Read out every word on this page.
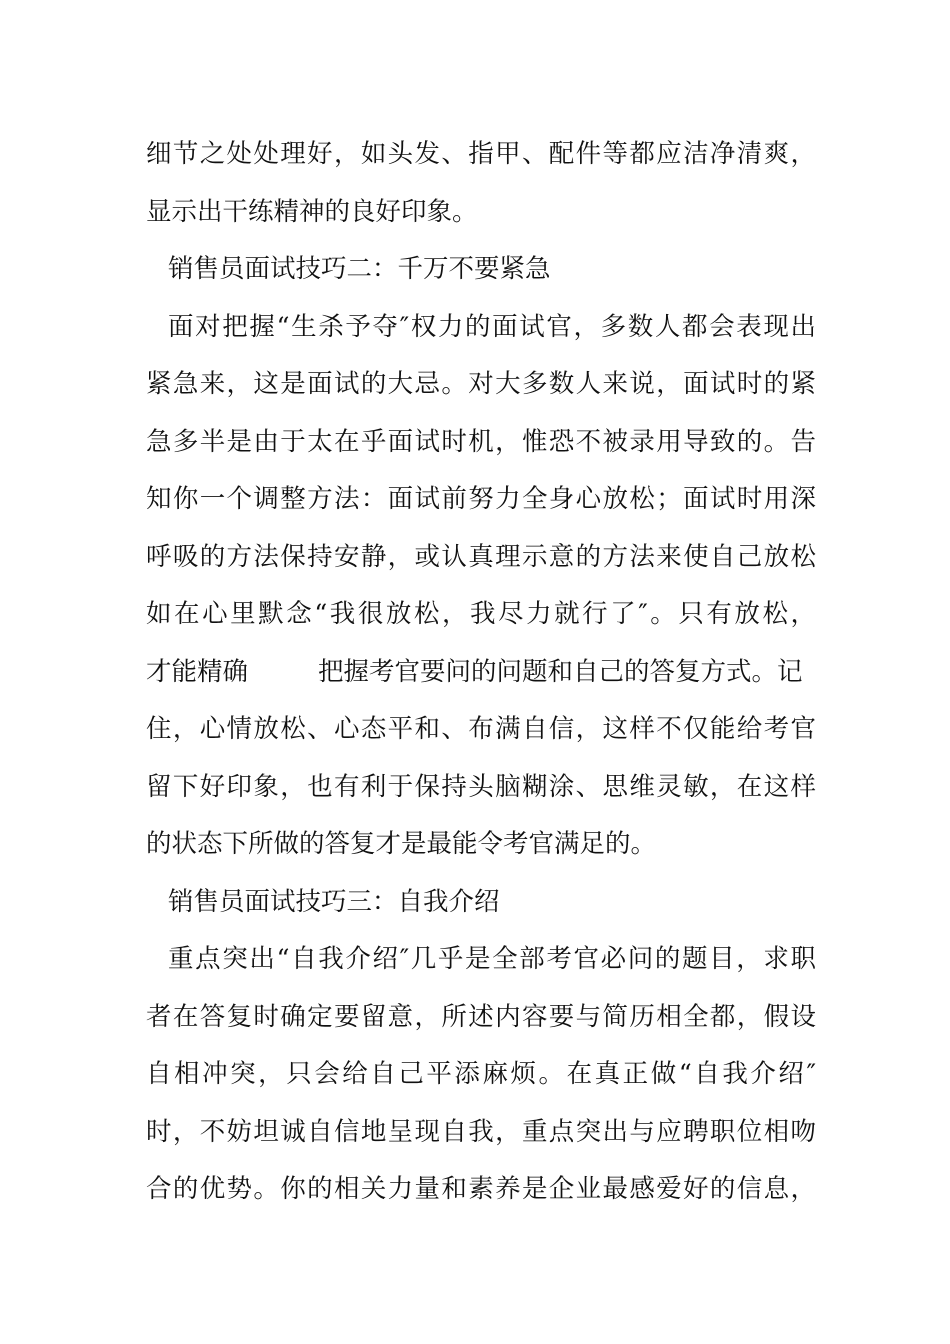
细节之处处理好，如头发、指甲、配件等都应洁净清爽，
显示出干练精神的良好印象。
销售员面试技巧二：千万不要紧急
面对把握“生杀予夺″权力的面试官，多数人都会表现出
紧急来，这是面试的大忌。对大多数人来说，面试时的紧
急多半是由于太在乎面试时机，惟恐不被录用导致的。告
知你一个调整方法：面试前努力全身心放松；面试时用深
呼吸的方法保持安静，或认真理示意的方法来使自己放松
如在心里默念“我很放松，我尽力就行了″。只有放松，
才能精确	把握考官要问的问题和自己的答复方式。记
住，心情放松、心态平和、布满自信，这样不仅能给考官
留下好印象，也有利于保持头脑糊涂、思维灵敏，在这样
的状态下所做的答复才是最能令考官满足的。
销售员面试技巧三：自我介绍
重点突出“自我介绍″几乎是全部考官必问的题目，求职
者在答复时确定要留意，所述内容要与简历相全都，假设
自相冲突，只会给自己平添麻烦。在真正做“自我介绍″
时，不妨坦诚自信地呈现自我，重点突出与应聘职位相吻
合的优势。你的相关力量和素养是企业最感爱好的信息，
